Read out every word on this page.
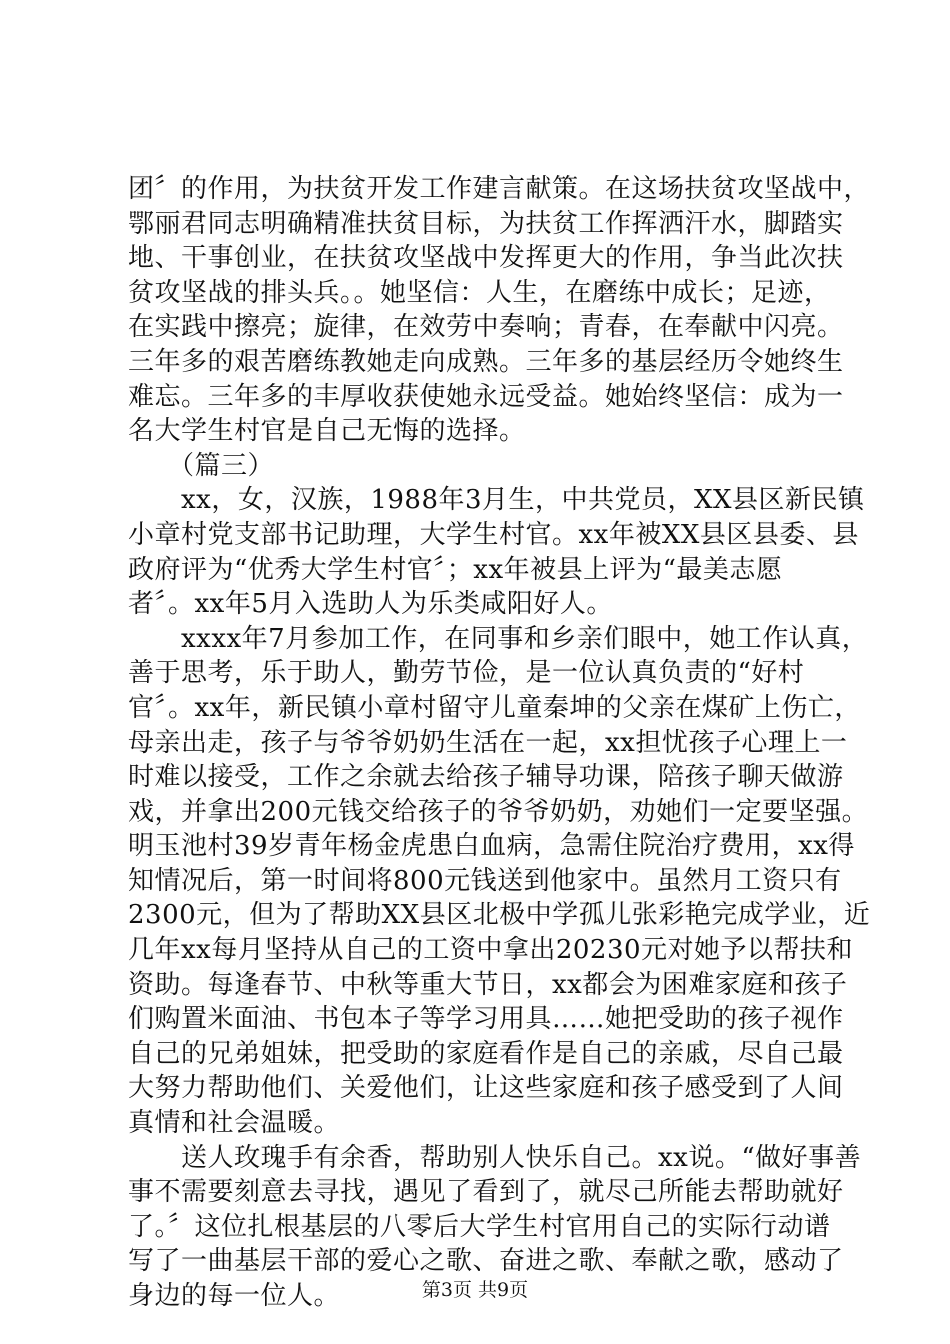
团〞的作用，为扶贫开发工作建言献策。在这场扶贫攻坚战中，
鄂丽君同志明确精准扶贫目标，为扶贫工作挥洒汗水，脚踏实
地、干事创业，在扶贫攻坚战中发挥更大的作用，争当此次扶
贫攻坚战的排头兵。。她坚信：人生，在磨练中成长；足迹，
在实践中擦亮；旋律，在效劳中奏响；青春，在奉献中闪亮。
三年多的艰苦磨练教她走向成熟。三年多的基层经历令她终生
难忘。三年多的丰厚收获使她永远受益。她始终坚信：成为一
名大学生村官是自己无悔的选择。
　　（篇三）
　　xx，女，汉族，1988年3月生，中共党员，XX县区新民镇
小章村党支部书记助理，大学生村官。xx年被XX县区县委、县
政府评为“优秀大学生村官〞；xx年被县上评为“最美志愿
者〞。xx年5月入选助人为乐类咸阳好人。
　　xxxx年7月参加工作，在同事和乡亲们眼中，她工作认真，
善于思考，乐于助人，勤劳节俭，是一位认真负责的“好村
官〞。xx年，新民镇小章村留守儿童秦坤的父亲在煤矿上伤亡，
母亲出走，孩子与爷爷奶奶生活在一起，xx担忧孩子心理上一
时难以接受，工作之余就去给孩子辅导功课，陪孩子聊天做游
戏，并拿出200元钱交给孩子的爷爷奶奶，劝她们一定要坚强。
明玉池村39岁青年杨金虎患白血病，急需住院治疗费用，xx得
知情况后，第一时间将800元钱送到他家中。虽然月工资只有
2300元，但为了帮助XX县区北极中学孤儿张彩艳完成学业，近
几年xx每月坚持从自己的工资中拿出20230元对她予以帮扶和
资助。每逢春节、中秋等重大节日，xx都会为困难家庭和孩子
们购置米面油、书包本子等学习用具……她把受助的孩子视作
自己的兄弟姐妹，把受助的家庭看作是自己的亲戚，尽自己最
大努力帮助他们、关爱他们，让这些家庭和孩子感受到了人间
真情和社会温暖。
　　送人玫瑰手有余香，帮助别人快乐自己。xx说。“做好事善
事不需要刻意去寻找，遇见了看到了，就尽己所能去帮助就好
了。〞这位扎根基层的八零后大学生村官用自己的实际行动谱
写了一曲基层干部的爱心之歌、奋进之歌、奉献之歌，感动了
身边的每一位人。	第3页 共9页
